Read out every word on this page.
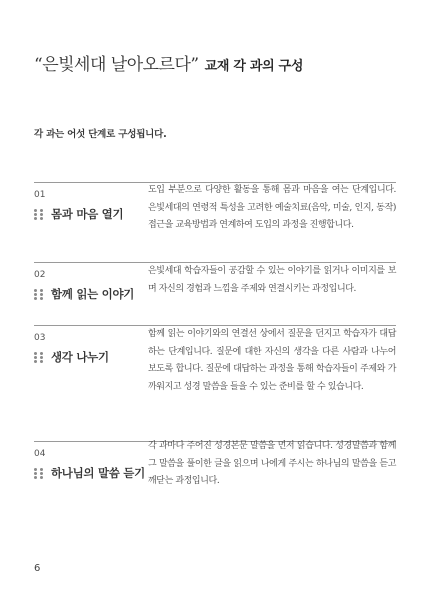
“은빛세대 날아오르다” 교재 각 과의 구성
각 과는 어섯 단계로 구성됩니다.
01
몸과 마음 열기
도입 부분으로 다양한 활동을 통해 몸과 마음을 여는 단계입니다. 은빛세대의 연령적 특성을 고려한 예술치료(음악, 미술, 인지, 동작)접근을 교육방법과 연계하여 도입의 과정을 진행합니다.
02
함께 읽는 이야기
은빛세대 학습자들이 공감할 수 있는 이야기를 읽거나 이미지를 보며 자신의 경험과 느낌을 주제와 연결시키는 과정입니다.
03
생각 나누기
함께 읽는 이야기와의 연결선 상에서 질문을 던지고 학습자가 대답하는 단계입니다. 질문에 대한 자신의 생각을 다른 사람과 나누어 보도록 합니다. 질문에 대답하는 과정을 통해 학습자들이 주제와 가까워지고 성경 말씀을 들을 수 있는 준비를 할 수 있습니다.
04
하나님의 말씀 듣기
각 과마다 주어진 성경본문 말씀을 먼저 읽습니다. 성경말씀과 함께 그 말씀을 풀이한 글을 읽으며 나에게 주시는 하나님의 말씀을 듣고 깨닫는 과정입니다.
6
